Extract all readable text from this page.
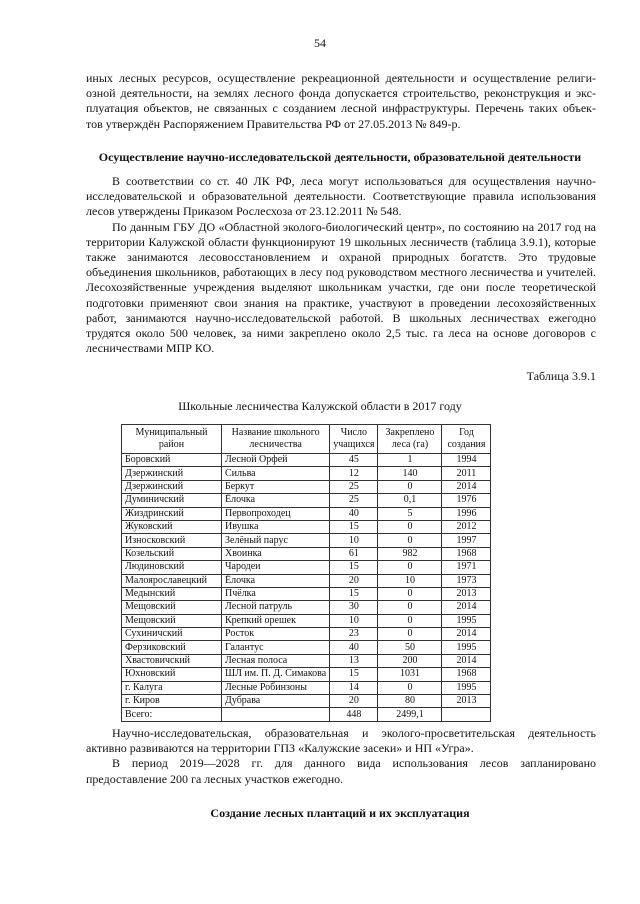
54

иных лесных ресурсов, осуществление рекреационной деятельности и осуществление религи-

озной деятельности, на землях лесного фонда допускается строительство, реконструкция и экс-

плуатация объектов, не связанных с созданием лесной инфраструктуры. Перечень таких объек-

тов утверждён Распоряжением Правительства РФ от 27.05.2013 № 849-р.

Осуществление научно-исследовательской деятельности, образовательной деятельности

В соответствии со ст. 40 ЛК РФ, леса могут использоваться для осуществления научно-исследовательской и образовательной деятельности. Соответствующие правила использования лесов утверждены Приказом Рослесхоза от 23.12.2011 № 548.

По данным ГБУ ДО «Областной эколого-биологический центр», по состоянию на 2017 год на территории Калужской области функционируют 19 школьных лесничеств (таблица 3.9.1), которые также занимаются лесовосстановлением и охраной природных богатств. Это трудовые объединения школьников, работающих в лесу под руководством местного лесничества и учителей. Лесохозяйственные учреждения выделяют школьникам участки, где они после теоретической подготовки применяют свои знания на практике, участвуют в проведении лесохозяйственных работ, занимаются научно-исследовательской работой. В школьных лесничествах ежегодно трудятся около 500 человек, за ними закреплено около 2,5 тыс. га леса на основе договоров с лесничествами МПР КО.

Таблица 3.9.1
Школьные лесничества Калужской области в 2017 году
Муниципальный район	Название школьного лесничества	Число учащихся	Закреплено леса (га)	Год создания
Боровский	Лесной Орфей	45	1	1994
Дзержинский	Сильва	12	140	2011
Дзержинский	Беркут	25	0	2014
Думиничский	Ёлочка	25	0,1	1976
Жиздринский	Первопроходец	40	5	1996
Жуковский	Ивушка	15	0	2012
Износковский	Зелёный парус	10	0	1997
Козельский	Хвоинка	61	982	1968
Людиновский	Чародеи	15	0	1971
Малоярославецкий	Ёлочка	20	10	1973
Медынский	Пчёлка	15	0	2013
Мещовский	Лесной патруль	30	0	2014
Мещовский	Крепкий орешек	10	0	1995
Сухиничский	Росток	23	0	2014
Ферзиковский	Галантус	40	50	1995
Хвастовичский	Лесная полоса	13	200	2014
Юхновский	ШЛ им. П. Д. Симакова	15	1031	1968
г. Калуга	Лесные Робинзоны	14	0	1995
г. Киров	Дубрава	20	80	2013
Всего:		448	2499,1	

Научно-исследовательская, образовательная и эколого-просветительская деятельность активно развиваются на территории ГПЗ «Калужские засеки» и НП «Угра».

В период 2019—2028 гг. для данного вида использования лесов запланировано предоставление 200 га лесных участков ежегодно.

Создание лесных плантаций и их эксплуатация
